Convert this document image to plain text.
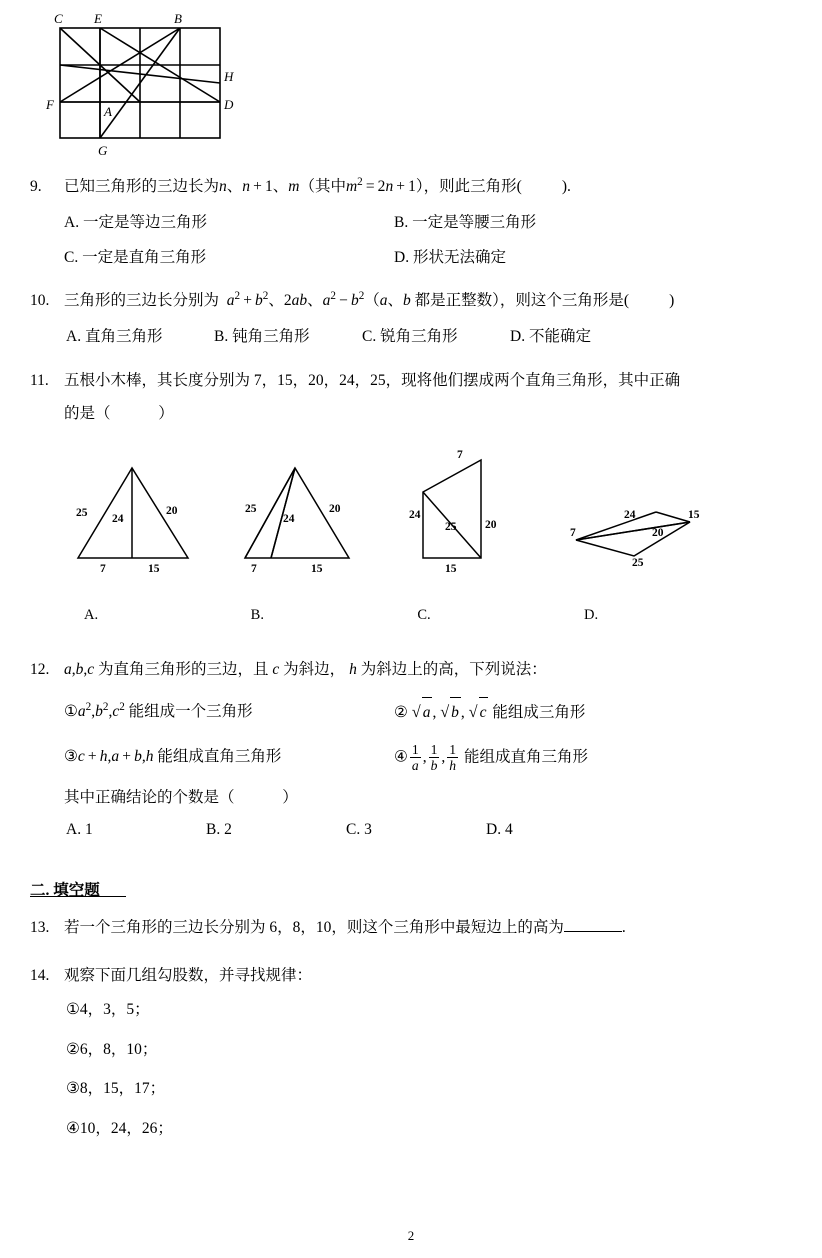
C E	B
H
F	A	D
G
9.	已知三角形的三边长为n、n + 1、m（其中$m^2 = 2n + 1$），则此三角形(	).
A. 一定是等边三角形	B. 一定是等腰三角形
C. 一定是直角三角形	D. 形状无法确定
10. 三角形的三边长分别为 $a^2 + b^2$、2ab、$a^2 - b^2(a$、b 都是正整数），则这个三角形是(	)
A. 直角三角形	B. 钝角三角形	C. 锐角三角形	D. 不能确定
11. 五根小木棒，其长度分别为 7，15，20，24，25，现将他们摆成两个直角三角形，其中正确
的是（	）
25 24
20
7	15
A.
25
24
20
7	15
B.
7
24
25 20
15
C.
7
24	15
20
25
D.
12. a,b,c 为直角三角形的三边，且 c 为斜边， h 为斜边上的高，下列说法：
$①a^2,b^2,c^2$ 能组成一个三角形	② √ a , √ b , √ c 能组成三角形
③c + h,a + b,h 能组成直角三角形	④ $\frac{1}{a}$ , $\frac{1}{b}$ , $\frac{1}{h}$ 能组成直角三角形
其中正确结论的个数是（	）
A. 1	B. 2	C. 3	D. 4
二. 填空题
13. 若一个三角形的三边长分别为 6，8，10，则这个三角形中最短边上的高为	.
14. 观察下面几组勾股数，并寻找规律：
①4，3，5；
②6，8，10；
③8，15，17；
④10，24，26；
2
